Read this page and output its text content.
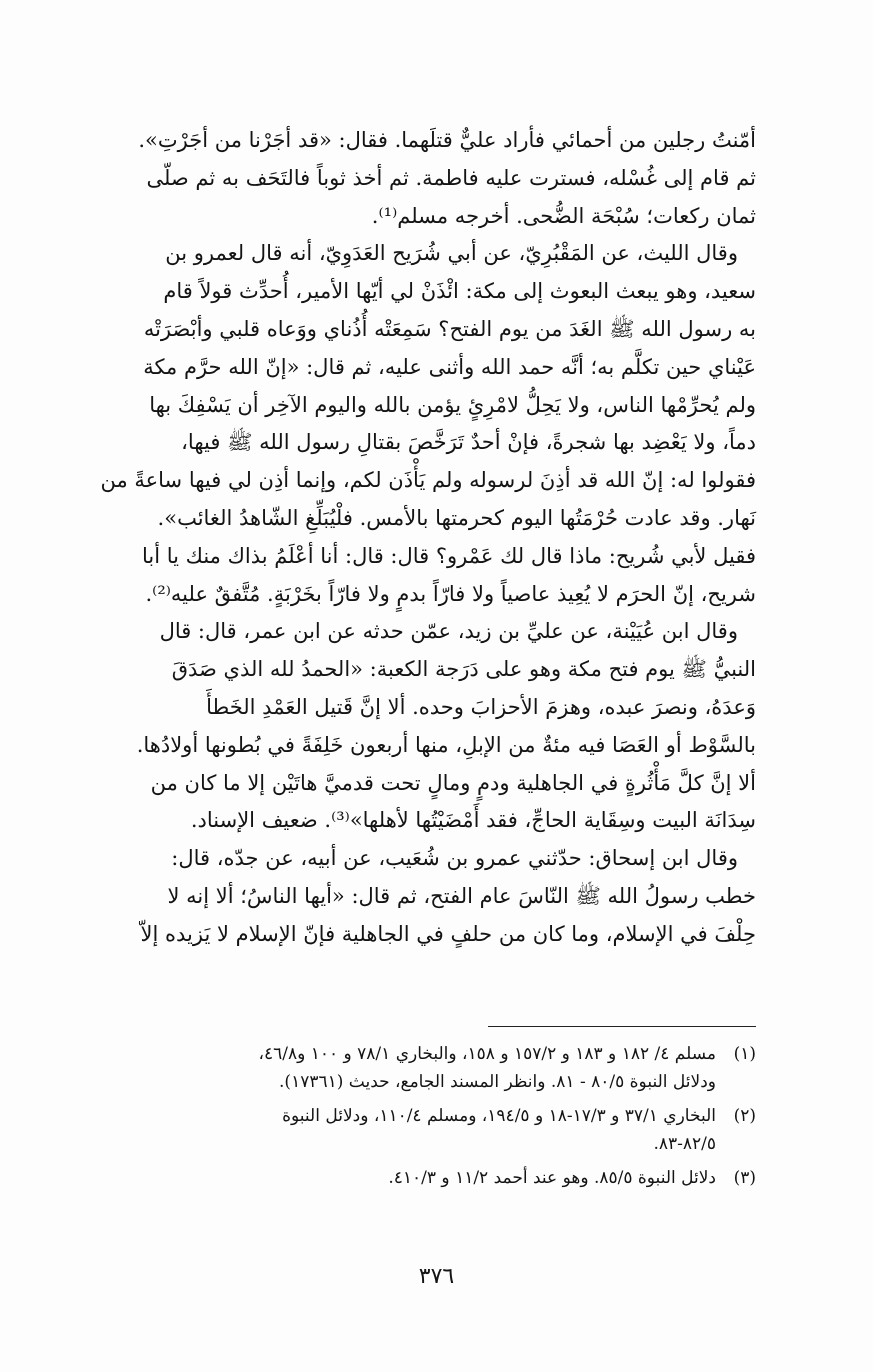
أمّنتُ رجلين من أحمائي فأراد عليٌّ قتلَهما. فقال: «قد أجَرْنا من أجَرْتِ».
ثم قام إلى غُسْله، فسترت عليه فاطمة. ثم أخذ ثوباً فالتَحَف به ثم صلّى
ثمان ركعات؛ سُبْحَة الضُّحى. أخرجه مسلم⁽¹⁾.

وقال الليث، عن المَقْبُرِيّ، عن أبي شُرَيح العَدَوِيّ، أنه قال لعمرو بن
سعيد، وهو يبعث البعوث إلى مكة: ائْذَنْ لي أيّها الأمير، أُحدِّث قولاً قام
به رسول الله ﷺ الغَدَ من يوم الفتح؟ سَمِعَتْه أُذُناي ووَعاه قلبي وأبْصَرَتْه
عَيْناي حين تكلَّم به؛ أنَّه حمد الله وأثنى عليه، ثم قال: «إنّ الله حرَّم مكة
ولم يُحرِّمْها الناس، ولا يَحِلُّ لامْرِئٍ يؤمن بالله واليوم الآخِر أن يَسْفِكَ بها
دماً، ولا يَعْضِد بها شجرةً، فإنْ أحدٌ تَرَخَّصَ بقتالِ رسول الله ﷺ فيها،
فقولوا له: إنّ الله قد أذِنَ لرسوله ولم يَأْذَن لكم، وإنما أذِن لي فيها ساعةً من
نَهار. وقد عادت حُرْمَتُها اليوم كحرمتها بالأمس. فلْيُبَلِّغِ الشّاهدُ الغائب».
فقيل لأبي شُريح: ماذا قال لك عَمْرو؟ قال: قال: أنا أعْلَمُ بذاك منك يا أبا
شريح، إنّ الحرَم لا يُعِيذ عاصياً ولا فارّاً بدمٍ ولا فارّاً بخَرْبَةٍ. مُتَّفقٌ عليه⁽²⁾.

وقال ابن عُيَيْنة، عن عليِّ بن زيد، عمّن حدثه عن ابن عمر، قال: قال
النبيُّ ﷺ يوم فتح مكة وهو على دَرَجة الكعبة: «الحمدُ لله الذي صَدَقَ
وَعدَهُ، ونصرَ عبده، وهزمَ الأحزابَ وحده. ألا إنَّ قَتيل العَمْدِ الخَطأَ
بالسَّوْط أو العَصَا فيه مئةٌ من الإبلِ، منها أربعون خَلِفَةً في بُطونها أولادُها.
ألا إنَّ كلَّ مَأْثُرةٍ في الجاهلية ودمٍ ومالٍ تحت قدميَّ هاتَيْن إلا ما كان من
سِدَانَة البيت وسِقَاية الحاجِّ، فقد أَمْضَيْتُها لأهلها»⁽³⁾. ضعيف الإسناد.

وقال ابن إسحاق: حدّثني عمرو بن شُعَيب، عن أبيه، عن جدّه، قال:
خطب رسولُ الله ﷺ النّاسَ عام الفتح، ثم قال: «أيها الناسُ؛ ألا إنه لا
حِلْفَ في الإسلام، وما كان من حلفٍ في الجاهلية فإنّ الإسلام لا يَزيده إلاّ

(١)
مسلم ٤/ ١٨٢ و ١٨٣ و ١٥٧/٢ و ١٥٨، والبخاري ٧٨/١ و ١٠٠ و٤٦/٨،
ودلائل النبوة ٨٠/٥ - ٨١. وانظر المسند الجامع، حديث (١٧٣٦١).
(٢)
البخاري ٣٧/١ و ١٧/٣-١٨ و ١٩٤/٥، ومسلم ١١٠/٤، ودلائل النبوة
٨٢/٥-٨٣.
(٣)
دلائل النبوة ٨٥/٥. وهو عند أحمد ١١/٢ و ٤١٠/٣.
٣٧٦
